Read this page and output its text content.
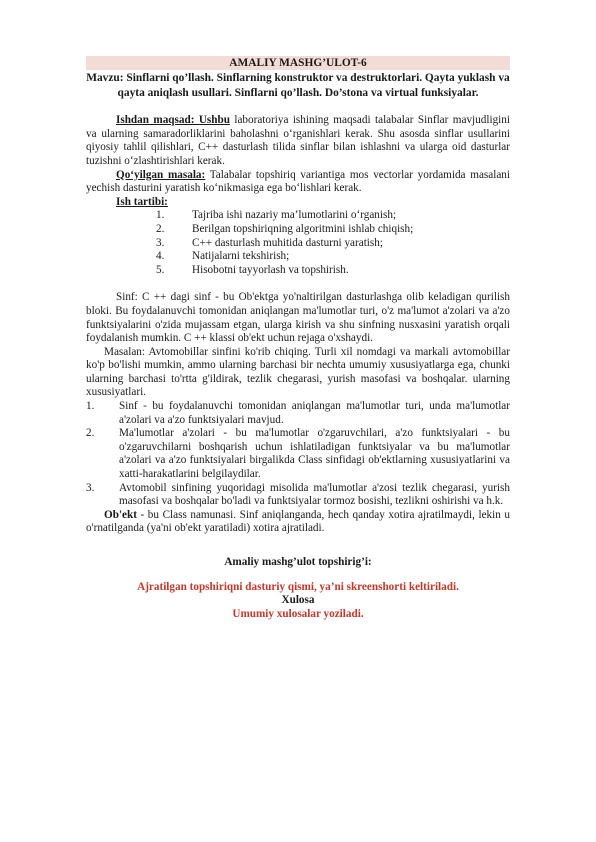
AMALIY MASHG’ULOT-6
Mavzu: Sinflarni qo’llash. Sinflarning konstruktor va destruktorlari. Qayta yuklash va qayta aniqlash usullari. Sinflarni qo’llash. Do’stona va virtual funksiyalar.

Ishdan maqsad: Ushbu laboratoriya ishining maqsadi talabalar Sinflar mavjudligini va ularning samaradorliklarini baholashni o‘rganishlari kerak. Shu asosda sinflar usullarini qiyosiy tahlil qilishlari, C++ dasturlash tilida sinflar bilan ishlashni va ularga oid dasturlar tuzishni o‘zlashtirishlari kerak.

Qo‘yilgan masala: Talabalar topshiriq variantiga mos vectorlar yordamida masalani yechish dasturini yaratish ko‘nikmasiga ega bo‘lishlari kerak.

Ish tartibi:
1. Tajriba ishi nazariy ma’lumotlarini o‘rganish;
2. Berilgan topshiriqning algoritmini ishlab chiqish;
3. C++ dasturlash muhitida dasturni yaratish;
4. Natijalarni tekshirish;
5. Hisobotni tayyorlash va topshirish.

Sinf: C ++ dagi sinf - bu Ob'ektga yo'naltirilgan dasturlashga olib keladigan qurilish bloki. Bu foydalanuvchi tomonidan aniqlangan ma'lumotlar turi, o'z ma'lumot a'zolari va a'zo funktsiyalarini o'zida mujassam etgan, ularga kirish va shu sinfning nusxasini yaratish orqali foydalanish mumkin. C ++ klassi ob'ekt uchun rejaga o'xshaydi.

Masalan: Avtomobillar sinfini ko'rib chiqing. Turli xil nomdagi va markali avtomobillar ko'p bo'lishi mumkin, ammo ularning barchasi bir nechta umumiy xususiyatlarga ega, chunki ularning barchasi to'rtta g'ildirak, tezlik chegarasi, yurish masofasi va boshqalar. ularning xususiyatlari.

1. Sinf - bu foydalanuvchi tomonidan aniqlangan ma'lumotlar turi, unda ma'lumotlar a'zolari va a'zo funktsiyalari mavjud.
2. Ma'lumotlar a'zolari - bu ma'lumotlar o'zgaruvchilari, a'zo funktsiyalari - bu o'zgaruvchilarni boshqarish uchun ishlatiladigan funktsiyalar va bu ma'lumotlar a'zolari va a'zo funktsiyalari birgalikda Class sinfidagi ob'ektlarning xususiyatlarini va xatti-harakatlarini belgilaydilar.
3. Avtomobil sinfining yuqoridagi misolida ma'lumotlar a'zosi tezlik chegarasi, yurish masofasi va boshqalar bo'ladi va funktsiyalar tormoz bosishi, tezlikni oshirishi va h.k.

Ob'ekt - bu Class namunasi. Sinf aniqlanganda, hech qanday xotira ajratilmaydi, lekin u o'rnatilganda (ya'ni ob'ekt yaratiladi) xotira ajratiladi.

Amaliy mashg’ulot topshirig’i:
Ajratilgan topshiriqni dasturiy qismi, ya’ni skreenshorti keltiriladi.
Xulosa
Umumiy xulosalar yoziladi.
